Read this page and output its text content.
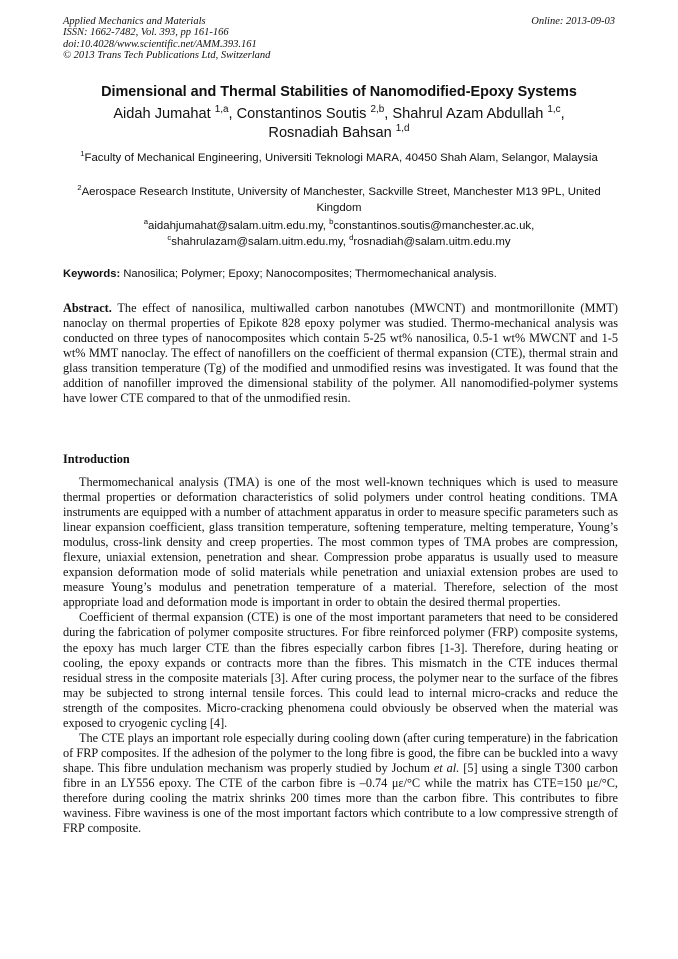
Applied Mechanics and Materials
ISSN: 1662-7482, Vol. 393, pp 161-166
doi:10.4028/www.scientific.net/AMM.393.161
© 2013 Trans Tech Publications Ltd, Switzerland
Online: 2013-09-03
Dimensional and Thermal Stabilities of Nanomodified-Epoxy Systems
Aidah Jumahat $^{1,a}$, Constantinos Soutis $^{2,b}$, Shahrul Azam Abdullah $^{1,c}$,
Rosnadiah Bahsan $^{1,d}$
$^1$Faculty of Mechanical Engineering, Universiti Teknologi MARA, 40450 Shah Alam, Selangor, Malaysia
$^2$Aerospace Research Institute, University of Manchester, Sackville Street, Manchester M13 9PL, United Kingdom
$^a$aidahjumahat@salam.uitm.edu.my, $^b$constantinos.soutis@manchester.ac.uk,
$^c$shahrulazam@salam.uitm.edu.my, $^d$rosnadiah@salam.uitm.edu.my
Keywords: Nanosilica; Polymer; Epoxy; Nanocomposites; Thermomechanical analysis.
Abstract. The effect of nanosilica, multiwalled carbon nanotubes (MWCNT) and montmorillonite (MMT) nanoclay on thermal properties of Epikote 828 epoxy polymer was studied. Thermo-mechanical analysis was conducted on three types of nanocomposites which contain 5-25 wt% nanosilica, 0.5-1 wt% MWCNT and 1-5 wt% MMT nanoclay. The effect of nanofillers on the coefficient of thermal expansion (CTE), thermal strain and glass transition temperature (Tg) of the modified and unmodified resins was investigated. It was found that the addition of nanofiller improved the dimensional stability of the polymer. All nanomodified-polymer systems have lower CTE compared to that of the unmodified resin.
Introduction

Thermomechanical analysis (TMA) is one of the most well-known techniques which is used to measure thermal properties or deformation characteristics of solid polymers under control heating conditions. TMA instruments are equipped with a number of attachment apparatus in order to measure specific parameters such as linear expansion coefficient, glass transition temperature, softening temperature, melting temperature, Young’s modulus, cross-link density and creep properties. The most common types of TMA probes are compression, flexure, uniaxial extension, penetration and shear. Compression probe apparatus is usually used to measure expansion deformation mode of solid materials while penetration and uniaxial extension probes are used to measure Young’s modulus and penetration temperature of a material. Therefore, selection of the most appropriate load and deformation mode is important in order to obtain the desired thermal properties.

Coefficient of thermal expansion (CTE) is one of the most important parameters that need to be considered during the fabrication of polymer composite structures. For fibre reinforced polymer (FRP) composite systems, the epoxy has much larger CTE than the fibres especially carbon fibres [1-3]. Therefore, during heating or cooling, the epoxy expands or contracts more than the fibres. This mismatch in the CTE induces thermal residual stress in the composite materials [3]. After curing process, the polymer near to the surface of the fibres may be subjected to strong internal tensile forces. This could lead to internal micro-cracks and reduce the strength of the composites. Micro-cracking phenomena could obviously be observed when the material was exposed to cryogenic cycling [4].

The CTE plays an important role especially during cooling down (after curing temperature) in the fabrication of FRP composites. If the adhesion of the polymer to the long fibre is good, the fibre can be buckled into a wavy shape. This fibre undulation mechanism was properly studied by Jochum et al. [5] using a single T300 carbon fibre in an LY556 epoxy. The CTE of the carbon fibre is –0.74 με/°C while the matrix has CTE=150 με/°C, therefore during cooling the matrix shrinks 200 times more than the carbon fibre. This contributes to fibre waviness. Fibre waviness is one of the most important factors which contribute to a low compressive strength of FRP composite.
